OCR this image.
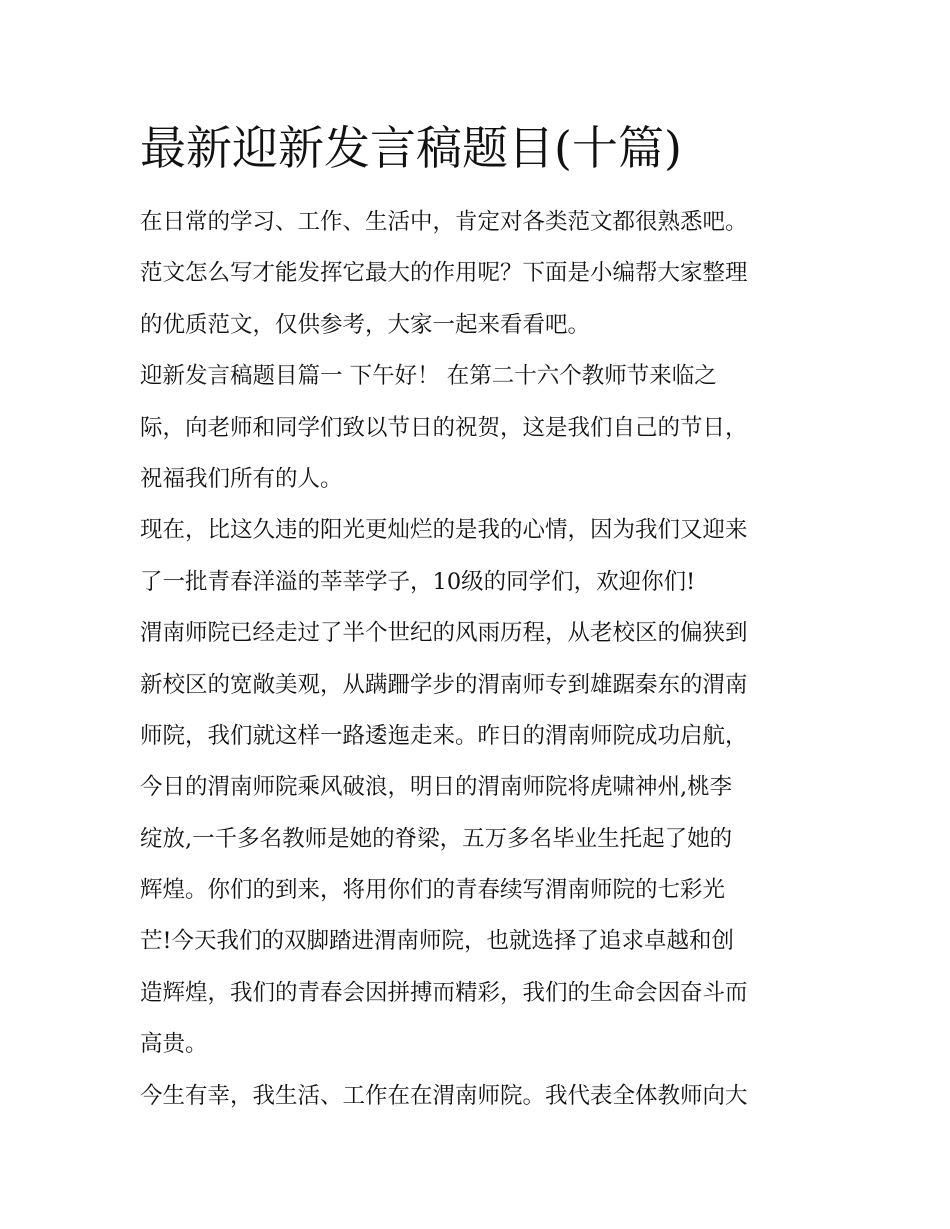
最新迎新发言稿题目(十篇)
在日常的学习、工作、生活中，肯定对各类范文都很熟悉吧。
范文怎么写才能发挥它最大的作用呢？下面是小编帮大家整理
的优质范文，仅供参考，大家一起来看看吧。
迎新发言稿题目篇一 下午好！ 在第二十六个教师节来临之
际，向老师和同学们致以节日的祝贺，这是我们自己的节日，
祝福我们所有的人。
现在，比这久违的阳光更灿烂的是我的心情，因为我们又迎来
了一批青春洋溢的莘莘学子，10级的同学们，欢迎你们!
渭南师院已经走过了半个世纪的风雨历程，从老校区的偏狭到
新校区的宽敞美观，从蹒跚学步的渭南师专到雄踞秦东的渭南
师院，我们就这样一路逶迤走来。昨日的渭南师院成功启航，
今日的渭南师院乘风破浪，明日的渭南师院将虎啸神州,桃李
绽放,一千多名教师是她的脊梁，五万多名毕业生托起了她的
辉煌。你们的到来，将用你们的青春续写渭南师院的七彩光
芒!今天我们的双脚踏进渭南师院，也就选择了追求卓越和创
造辉煌，我们的青春会因拼搏而精彩，我们的生命会因奋斗而
高贵。
今生有幸，我生活、工作在在渭南师院。我代表全体教师向大
